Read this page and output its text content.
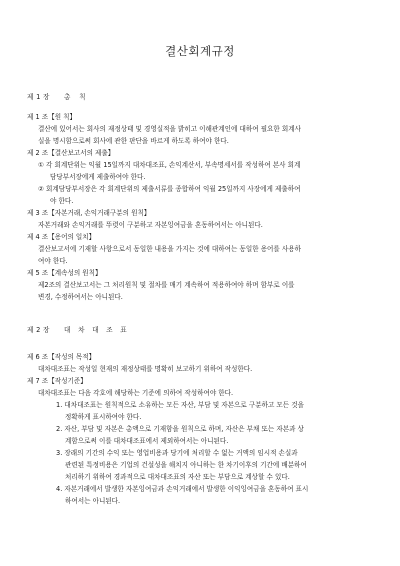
결산회계규정
제 1 장 총 칙
제 1 조【원 칙】
결산에 있어서는 회사의 재정상태 및 경영실적을 밝히고 이해관계인에 대하여 필요한 회계사
실을 명시함으로써 회사에 관한 판단을 바르게 하도록 하여야 한다.
제 2 조【결산보고서의 제출】
① 각 회계단위는 익월 15일까지 대차대조표, 손익계산서, 부속명세서를 작성하여 본사 회계
담당부서장에게 제출하여야 한다.
② 회계담당부서장은 각 회계단위의 제출서류를 종합하여 익월 25일까지 사장에게 제출하여
야 한다.
제 3 조【자본거래, 손익거래구분의 원칙】
자본거래와 손익거래를 뚜렷이 구분하고 자본잉여금을 혼동하여서는 아니된다.
제 4 조【용어의 일치】
결산보고서에 기재할 사항으로서 동일한 내용을 가지는 것에 대하여는 동일한 용어를 사용하
여야 한다.
제 5 조【계속성의 원칙】
제2조의 결산보고서는 그 처리원칙 및 절차를 매기 계속하여 적용하여야 하며 함부로 이를
변경, 수정하여서는 아니된다.
제 2 장 대 차 대 조 표
제 6 조【작성의 목적】
대차대조표는 작성일 현재의 재정상태를 명확히 보고하기 위하여 작성한다.
제 7 조【작성기준】
대차대조표는 다음 각호에 해당하는 기준에 의하여 작성하여야 한다.
1. 대차대조표는 원칙적으로 소유하는 모든 자산, 부담 및 자본으로 구분하고 모든 것을
정확하게 표시하여야 한다.
2. 자산, 부담 및 자본은 총액으로 기재함을 원칙으로 하며, 자산은 부채 또는 자본과 상
계함으로써 이를 대차대조표에서 제외하여서는 아니된다.
3. 장래의 기간의 수익 또는 영업비용과 당기에 처리할 수 없는 거액의 임시적 손실과
관련된 특정비용은 기업의 건설성을 해치지 아니하는 한 차기이후의 기간에 배분하여
처리하기 위하여 경과적으로 대차대조표의 자산 또는 부담으로 계상할 수 있다.
4. 자본거래에서 발생한 자본잉여금과 손익거래에서 발생한 이익잉여금을 혼동하여 표시
하여서는 아니된다.
